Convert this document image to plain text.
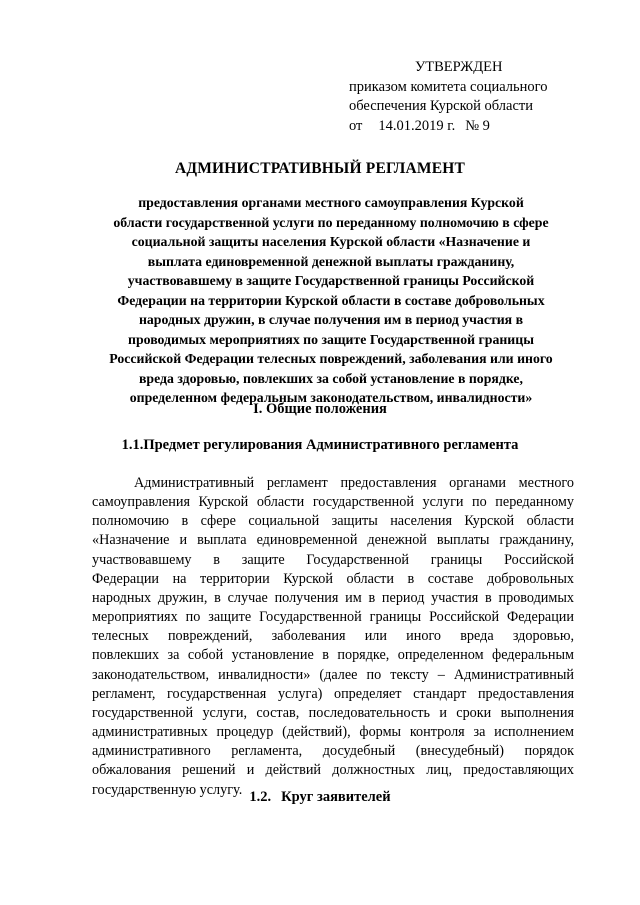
УТВЕРЖДЕН
приказом комитета социального
обеспечения Курской области
от 14.01.2019 г. № 9
АДМИНИСТРАТИВНЫЙ РЕГЛАМЕНТ
предоставления органами местного самоуправления Курской
области государственной услуги по переданному полномочию в сфере
социальной защиты населения Курской области «Назначение и
выплата единовременной денежной выплаты гражданину,
участвовавшему в защите Государственной границы Российской
Федерации на территории Курской области в составе добровольных
народных дружин, в случае получения им в период участия в
проводимых мероприятиях по защите Государственной границы
Российской Федерации телесных повреждений, заболевания или иного
вреда здоровью, повлекших за собой установление в порядке,
определенном федеральным законодательством, инвалидности»
I. Общие положения
1.1.Предмет регулирования Административного регламента
Административный регламент предоставления органами местного
самоуправления Курской области государственной услуги по переданному
полномочию в сфере социальной защиты населения Курской области
«Назначение и выплата единовременной денежной выплаты гражданину,
участвовавшему в защите Государственной границы Российской
Федерации на территории Курской области в составе добровольных
народных дружин, в случае получения им в период участия в проводимых
мероприятиях по защите Государственной границы Российской Федерации
телесных повреждений, заболевания или иного вреда здоровью,
повлекших за собой установление в порядке, определенном федеральным
законодательством, инвалидности» (далее по тексту – Административный
регламент, государственная услуга) определяет стандарт предоставления
государственной услуги, состав, последовательность и сроки выполнения
административных процедур (действий), формы контроля за исполнением
административного регламента, досудебный (внесудебный) порядок
обжалования решений и действий должностных лиц, предоставляющих
государственную услугу. 1.2. Круг заявителей
